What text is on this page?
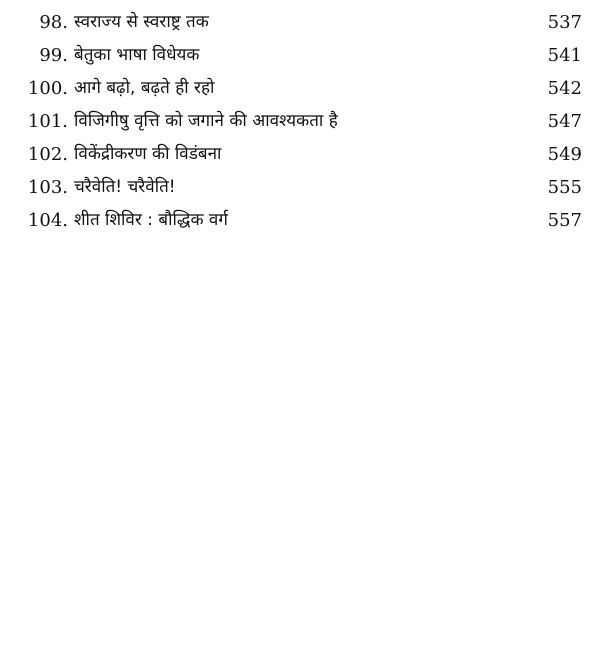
98. स्वराज्य से स्वराष्ट्र तक	537
99. बेतुका भाषा विधेयक	541
100. आगे बढ़ो, बढ़ते ही रहो	542
101. विजिगीषु वृत्ति को जगाने की आवश्यकता है	547
102. विकेंद्रीकरण की विडंबना	549
103. चरैवेति! चरैवेति!	555
104. शीत शिविर : बौद्धिक वर्ग	557
